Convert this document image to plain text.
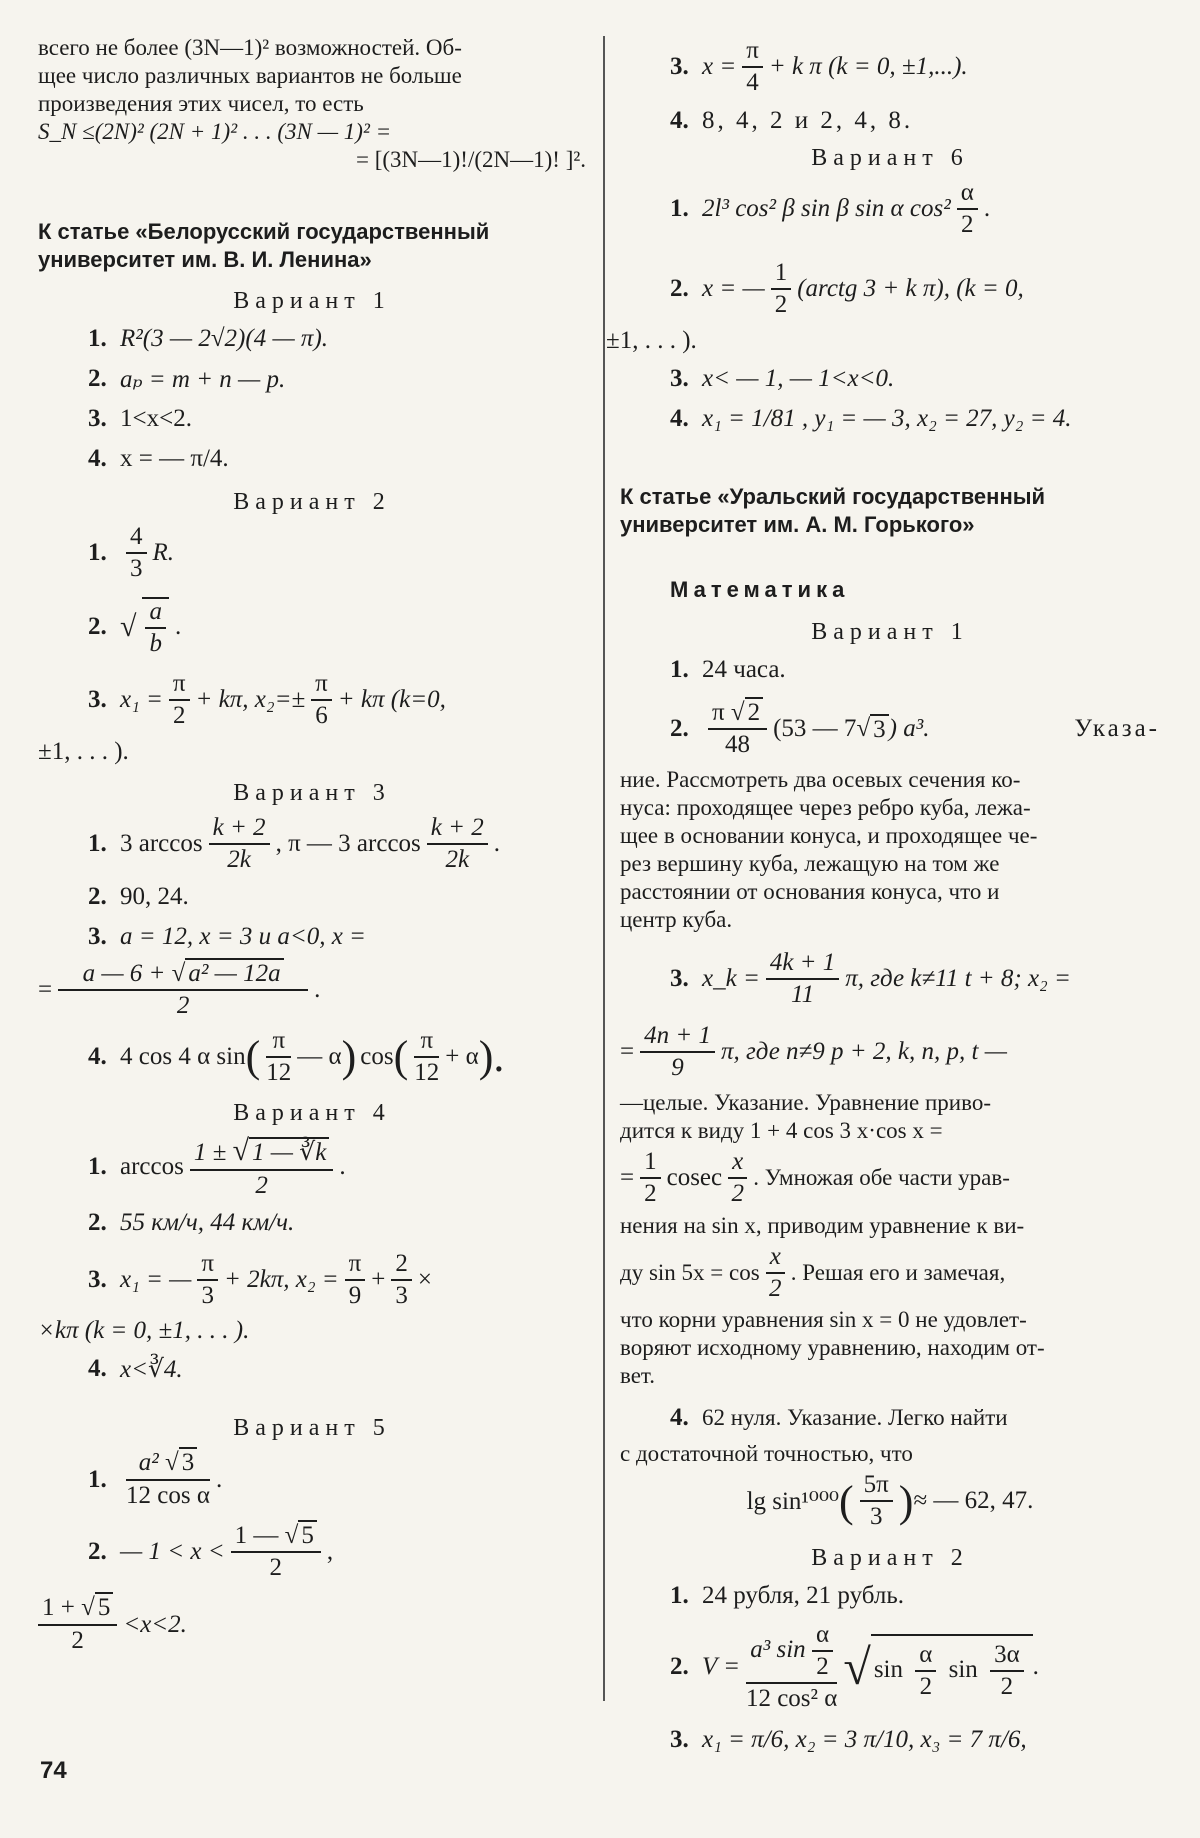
всего не более (3N—1)² возможностей. Об-

щее число различных вариантов не больше

произведения этих чисел, то есть

S_N ≤(2N)² (2N + 1)² . . . (3N — 1)² =

= [(3N—1)!/(2N—1)! ]².

К статье «Белорусский государственный

университет им. В. И. Ленина»

Вариант 1
1. R²(3 — 2√2)(4 — π).
2. aₚ = m + n — p.
3. 1<x<2.
4. x = — π/4.
Вариант 2
1. $\frac{4}{3} R$.
2. √ $\frac{a}{b}$ .
3. $x_1 = \frac{\pi}{2} + k\pi$, $x_2=\pm \frac{\pi}{6} + k\pi$ (k=0,
±1, . . . ).
Вариант 3
1. 3 $\arccos \frac{k + 2}{2k}$ , π — 3 $\arccos \frac{k + 2}{2k}$ .
2. 90, 24.
3. a = 12, x = 3 и a<0, x =
= $\frac{\text{a — 6 + √ a² — 12a}}{2}$ .
4. 4 cos 4 α sin ( $\frac{\pi}{12}$ — α ) cos ( $\frac{\pi}{12} + \alpha$ ).
Вариант 4
1. $\arccos \frac{1 \pm √ 1 — ∛k}{2}$ .
2. 55 км/ч, 44 км/ч.
3. x₁ = — $\frac{\pi}{3} + 2k\pi$, $x_2 = \frac{\pi}{9} + \frac{2}{3}$ ×
×kπ (k = 0, ±1, . . . ).
4. x<∛4.
Вариант 5
1. $\frac{\text{a² √ 3}}{\text{12 cos α}}$ .
2. — $1 < x < \frac{1 — √ 5}{2}$ ,
$\frac{1 + √ 5}{2} <x<2$.
3. $x = \frac{\pi}{4} + k$ π (k = 0, ±1,...).
4. 8, 4, 2 и 2, 4, 8.
Вариант 6
1. 2l³ cos² β sin β sin α $\cos^2 \frac{\alpha}{2}$ .
2. x = — $\frac{1}{2}$ (arctg 3 + k π), (k = 0,
±1, . . . ).
3. x< — 1, — 1<x<0.
4. x₁ = 1/81 , y₁ = — 3, x₂ = 27, y₂ = 4.

К статье «Уральский государственный

университет им. А. М. Горького»

Математика
Вариант 1
1. 24 часа.
2. $\frac{\pi √ 2}{48} (53$ — 7 √ 3 ) a³.	Указа-

ние. Рассмотреть два осевых сечения ко-

нуса: проходящее через ребро куба, лежа-

щее в основании конуса, и проходящее че-

рез вершину куба, лежащую на том же

расстоянии от основания конуса, что и

центр куба.

3. x_k = $\frac{4k + 1}{11} \pi$, где k≠11 t + 8; x₂ =
= $\frac{4n + 1}{9} \pi$, где n≠9 p + 2, k, n, p, t —

—целые. Указание. Уравнение приво-

дится к виду 1 + 4 cos 3 x·cos x =

= $\frac{1}{2}$ cosec $\frac{x}{2}$ . Умножая обе части урав-

нения на sin x, приводим уравнение к ви-

ду $\sin 5x = \cos \frac{x}{2}$ . Решая его и замечая,

что корни уравнения sin x = 0 не удовлет-

воряют исходному уравнению, находим от-

вет.

4. 62 нуля. Указание. Легко найти

с достаточной точностью, что

lg sin¹⁰⁰⁰ ( $\frac{5\pi}{3}$ ) ≈ — 62, 47.
Вариант 2
1. 24 рубля, 21 рубль.
2. $V = \frac{a^3 \sin \frac{\alpha}{2}}{\text{12 cos² α}}$ √ $\sin \frac{\alpha}{2}$ $\sin \frac{3\alpha}{2}$ .
3. x₁ = π/6, x₂ = 3 π/10, x₃ = 7 π/6,
74
